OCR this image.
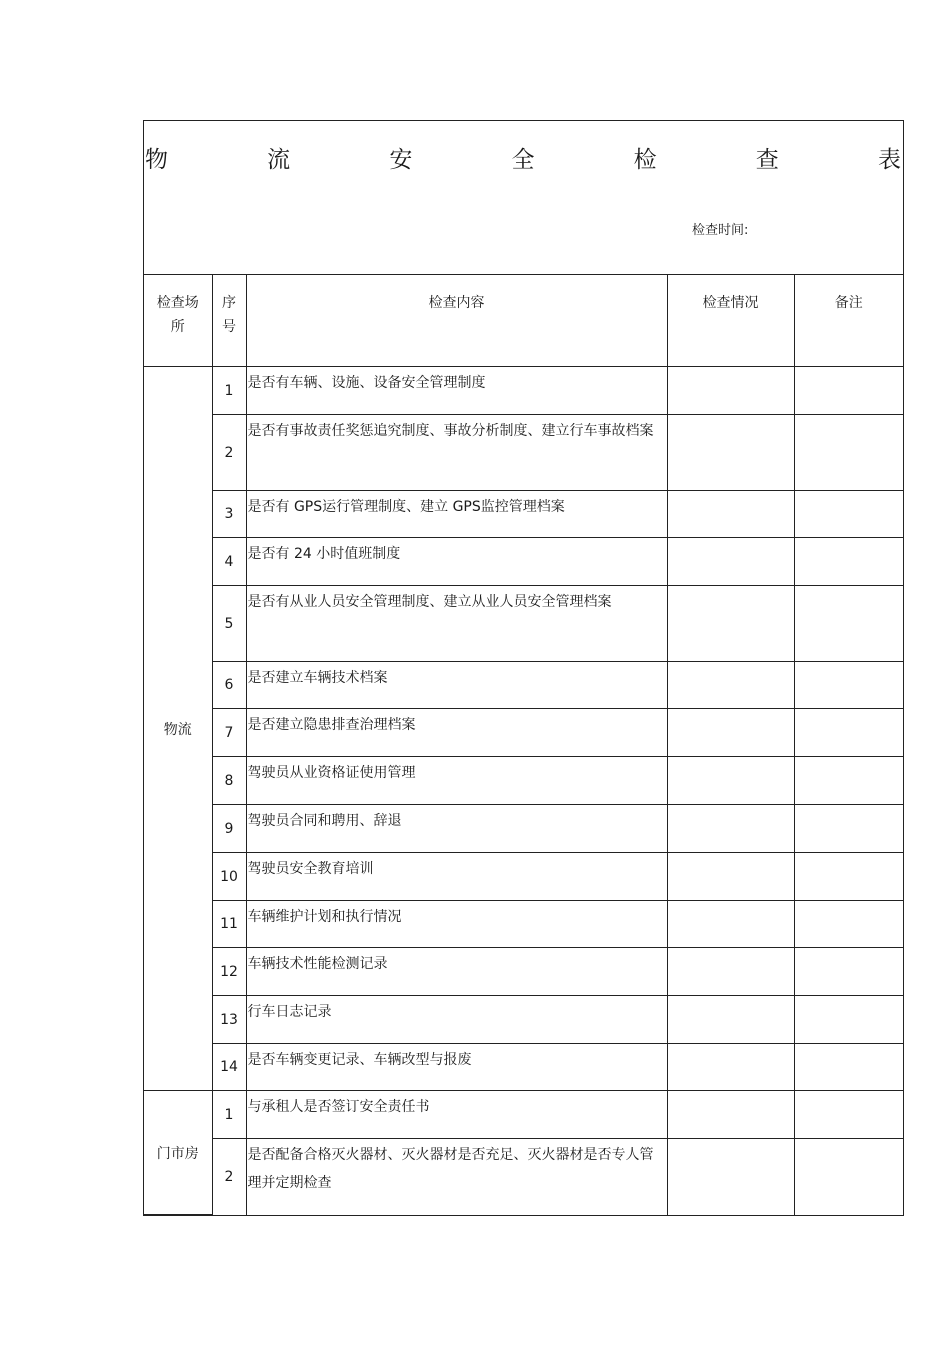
物	流	安	全	检	查	表
检查时间:
检查场所	序号	检查内容	检查情况	备注
物流	1	是否有车辆、设施、设备安全管理制度		
	2	是否有事故责任奖惩追究制度、事故分析制度、建立行车事故档案		
	3	是否有 GPS运行管理制度、建立 GPS监控管理档案		
	4	是否有 24 小时值班制度		
	5	是否有从业人员安全管理制度、建立从业人员安全管理档案		
	6	是否建立车辆技术档案		
	7	是否建立隐患排查治理档案		
	8	驾驶员从业资格证使用管理		
	9	驾驶员合同和聘用、辞退		
	10	驾驶员安全教育培训		
	11	车辆维护计划和执行情况		
	12	车辆技术性能检测记录		
	13	行车日志记录		
	14	是否车辆变更记录、车辆改型与报废		
门市房	1	与承租人是否签订安全责任书		
	2	是否配备合格灭火器材、灭火器材是否充足、灭火器材是否专人管理并定期检查		
